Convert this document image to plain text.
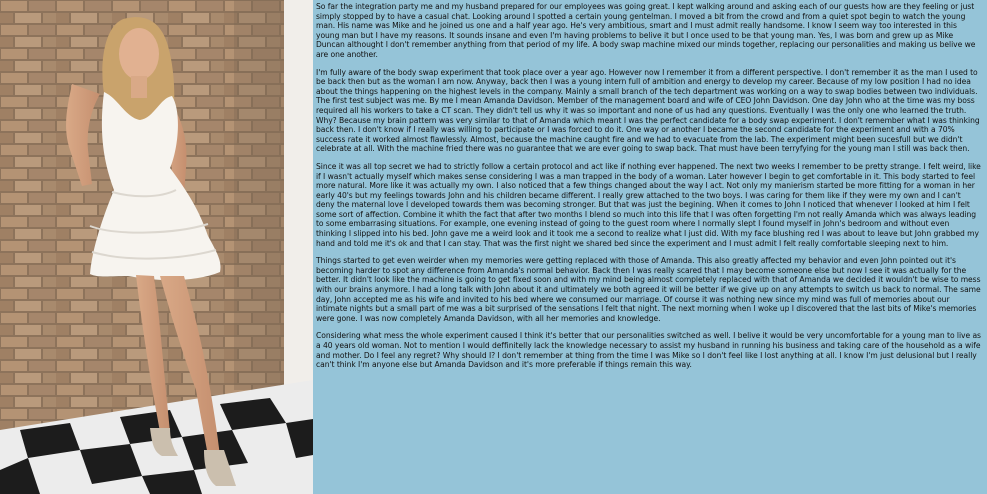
So far the integration party me and my husband prepared for our employees was going great. I kept walking around and asking each of our guests how are they feeling or just simply stopped by to have a casual chat. Looking around I spotted a certain young gentelman. I moved a bit from the crowd and from a quiet spot begin to watch the young man. His name was Mike and he joined us one and a half year ago. He's very ambitious, smart and I must admit really handsome. I know I seem way too interested in this young man but I have my reasons. It sounds insane and even I'm having problems to belive it but I once used to be that young man. Yes, I was born and grew up as Mike Duncan althought I don't remember anything from that period of my life. A body swap machine mixed our minds together, replacing our personalities and making us belive we are one another.

I'm fully aware of the body swap experiment that took place over a year ago. However now I remember it from a different perspective. I don't remember it as the man I used to be back then but as the woman I am now. Anyway, back then I was a young intern full of ambition and energy to develop my career. Because of my low position I had no idea about the things happening on the highest levels in the company. Mainly a small branch of the tech department was working on a way to swap bodies between two individuals. The first test subject was me. By me I mean Amanda Davidson. Member of the management board and wife of CEO John Davidson. One day John who at the time was my boss required all his workers to take a CT scan. They didn't tell us why it was so important and none of us had any questions. Eventually I was the only one who learned the truth. Why? Because my brain pattern was very similar to that of Amanda which meant I was the perfect candidate for a body swap experiment. I don't remember what I was thinking back then. I don't know if I really was willing to participate or I was forced to do it. One way or another I became the second candidate for the experiment and with a 70% success rate it worked almost flawlessly. Almost, because the machine caught fire and we had to evacuate from the lab. The experiment might been sucesfull but we didn't celebrate at all. With the machine fried there was no guarantee that we are ever going to swap back. That must have been terryfying for the young man I still was back then.

Since it was all top secret we had to strictly follow a certain protocol and act like if nothing ever happened. The next two weeks I remember to be pretty strange. I felt weird, like if I wasn't actually myself which makes sense considering I was a man trapped in the body of a woman. Later however I begin to get comfortable in it. This body started to feel more natural. More like it was actually my own. I also noticed that a few things changed about the way I act. Not only my manierism started be more fitting for a woman in her early 40's but my feelings towards John and his children became different. I really grew attached to the two boys. I was caring for them like if they were my own and I can't deny the maternal love I developed towards them was becoming stronger. But that was just the begining. When it comes to John I noticed that whenever I looked at him I felt some sort of affection. Combine it whith the fact that after two months I blend so much into this life that I was often forgetting I'm not really Amanda which was always leading to some embarrasing situations. For example, one evening instead of going to the guest room where I normally slept I found myself in John's bedroom and without even thinking I slipped into his bed. John gave me a weird look and it took me a second to realize what I just did. With my face blushing red I was about to leave but John grabbed my hand and told me it's ok and that I can stay. That was the first night we shared bed since the experiment and I must admit I felt really comfortable sleeping next to him.

Things started to get even weirder when my memories were getting replaced with those of Amanda. This also greatly affected my behavior and even John pointed out it's becoming harder to spot any difference from Amanda's normal behavior. Back then I was really scared that I may become someone else but now I see it was actually for the better. It didn't look like the machine is going to get fixed soon and with my mind being almost completely replaced with that of Amanda we decided it wouldn't be wise to mess with our brains anymore. I had a long talk with John about it and ultimately we both agreed it will be better if we give up on any attempts to switch us back to normal. The same day, John accepted me as his wife and invited to his bed where we consumed our marriage. Of course it was nothing new since my mind was full of memories about our intimate nights but a small part of me was a bit surprised of the sensations I felt that night. The next morning when I woke up I discovered that the last bits of Mike's memories were gone. I was now completely Amanda Davidson, with all her memories and knowledge.

Considering what mess the whole experiment caused I think it's better that our personalities switched as well. I belive it would be very uncomfortable for a young man to live as a 40 years old woman. Not to mention I would deffinitelly lack the knowledge necessary to assist my husband in running his business and taking care of the household as a wife and mother. Do I feel any regret? Why should I? I don't remember at thing from the time I was Mike so I don't feel like I lost anything at all. I know I'm just delusional but I really can't think I'm anyone else but Amanda Davidson and it's more preferable if things remain this way.
